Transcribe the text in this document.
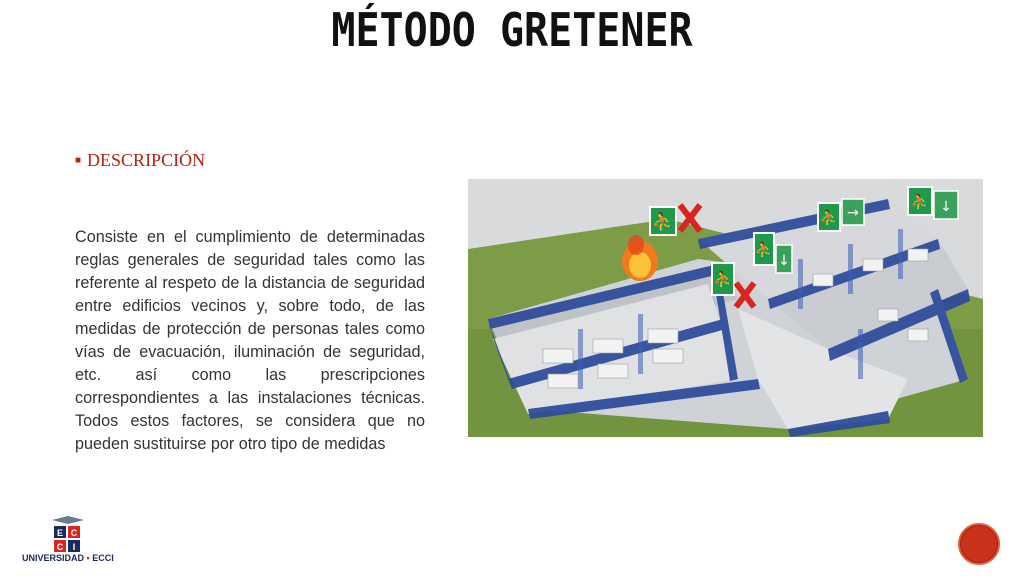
MÉTODO GRETENER
■ DESCRIPCIÓN
Consiste en el cumplimiento de determinadas reglas generales de seguridad tales como las referente al respeto de la distancia de seguridad entre edificios vecinos y, sobre todo, de las medidas de protección de personas tales como vías de evacuación, iluminación de seguridad, etc. así como las prescripciones correspondientes a las instalaciones técnicas. Todos estos factores, se considera que no pueden sustituirse por otro tipo de medidas
⛹
⛹
⛹
↓
⛹ →
⛹ ↓
E C
C I
UNIVERSIDAD ▪ ECCI
